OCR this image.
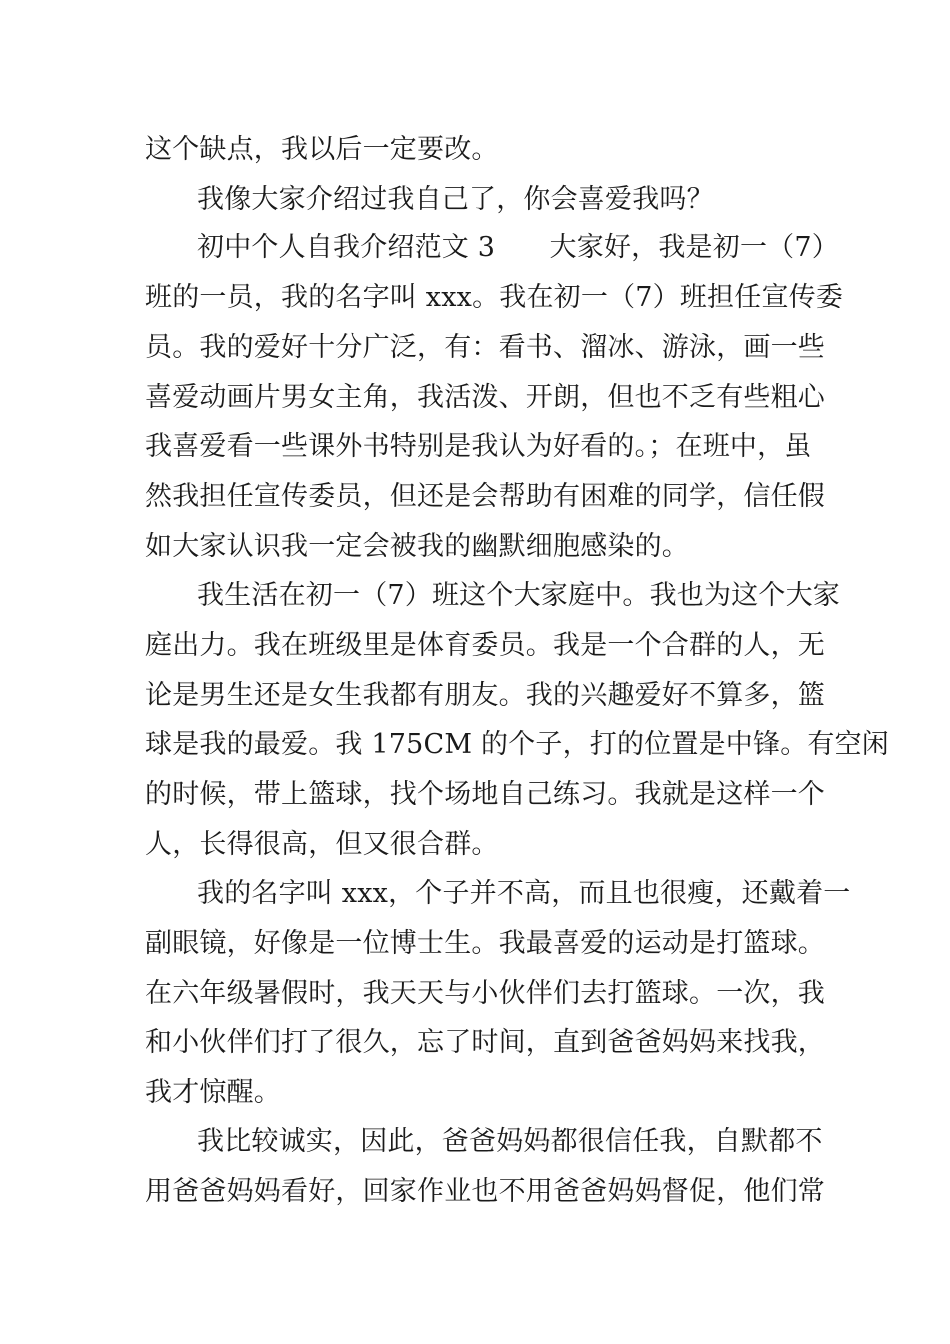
这个缺点，我以后一定要改。

我像大家介绍过我自己了，你会喜爱我吗？

初中个人自我介绍范文 3　　大家好，我是初一（7）

班的一员，我的名字叫 xxx。我在初一（7）班担任宣传委

员。我的爱好十分广泛，有：看书、溜冰、游泳，画一些

喜爱动画片男女主角，我活泼、开朗，但也不乏有些粗心

我喜爱看一些课外书特别是我认为好看的。；在班中，虽

然我担任宣传委员，但还是会帮助有困难的同学，信任假

如大家认识我一定会被我的幽默细胞感染的。

我生活在初一（7）班这个大家庭中。我也为这个大家

庭出力。我在班级里是体育委员。我是一个合群的人，无

论是男生还是女生我都有朋友。我的兴趣爱好不算多，篮

球是我的最爱。我 175CM 的个子，打的位置是中锋。有空闲

的时候，带上篮球，找个场地自己练习。我就是这样一个

人，长得很高，但又很合群。

我的名字叫 xxx，个子并不高，而且也很瘦，还戴着一

副眼镜，好像是一位博士生。我最喜爱的运动是打篮球。

在六年级暑假时，我天天与小伙伴们去打篮球。一次，我

和小伙伴们打了很久，忘了时间，直到爸爸妈妈来找我，

我才惊醒。

我比较诚实，因此，爸爸妈妈都很信任我，自默都不

用爸爸妈妈看好，回家作业也不用爸爸妈妈督促，他们常
